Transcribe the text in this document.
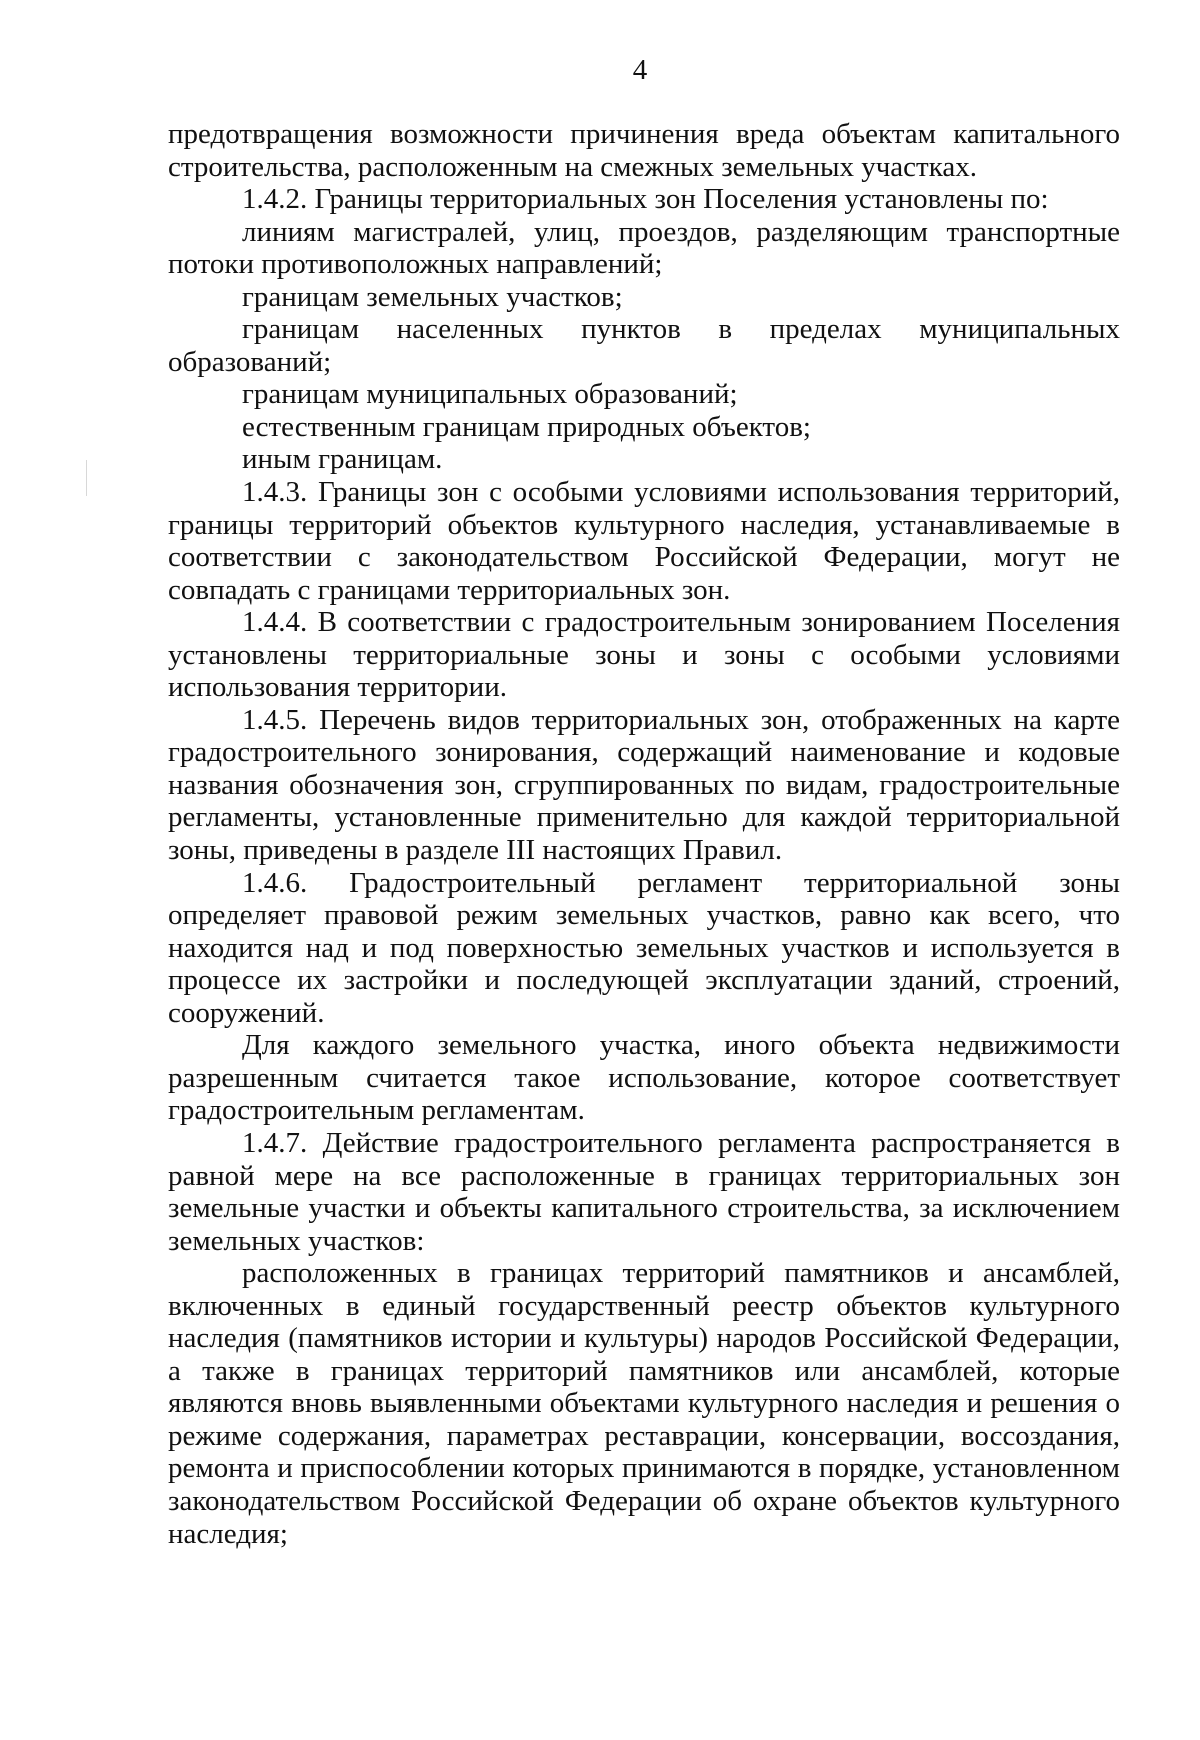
4

предотвращения возможности причинения вреда объектам капитального строительства, расположенным на смежных земельных участках.

1.4.2. Границы территориальных зон Поселения установлены по:

линиям магистралей, улиц, проездов, разделяющим транспортные потоки противоположных направлений;

границам земельных участков;

границам населенных пунктов в пределах муниципальных образований;

границам муниципальных образований;

естественным границам природных объектов;

иным границам.

1.4.3. Границы зон с особыми условиями использования территорий, границы территорий объектов культурного наследия, устанавливаемые в соответствии с законодательством Российской Федерации, могут не совпадать с границами территориальных зон.

1.4.4. В соответствии с градостроительным зонированием Поселения установлены территориальные зоны и зоны с особыми условиями использования территории.

1.4.5. Перечень видов территориальных зон, отображенных на карте градостроительного зонирования, содержащий наименование и кодовые названия обозначения зон, сгруппированных по видам, градостроительные регламенты, установленные применительно для каждой территориальной зоны, приведены в разделе III настоящих Правил.

1.4.6. Градостроительный регламент территориальной зоны определяет правовой режим земельных участков, равно как всего, что находится над и под поверхностью земельных участков и используется в процессе их застройки и последующей эксплуатации зданий, строений, сооружений.

Для каждого земельного участка, иного объекта недвижимости разрешенным считается такое использование, которое соответствует градостроительным регламентам.

1.4.7. Действие градостроительного регламента распространяется в равной мере на все расположенные в границах территориальных зон земельные участки и объекты капитального строительства, за исключением земельных участков:

расположенных в границах территорий памятников и ансамблей, включенных в единый государственный реестр объектов культурного наследия (памятников истории и культуры) народов Российской Федерации, а также в границах территорий памятников или ансамблей, которые являются вновь выявленными объектами культурного наследия и решения о режиме содержания, параметрах реставрации, консервации, воссоздания, ремонта и приспособлении которых принимаются в порядке, установленном законодательством Российской Федерации об охране объектов культурного наследия;
